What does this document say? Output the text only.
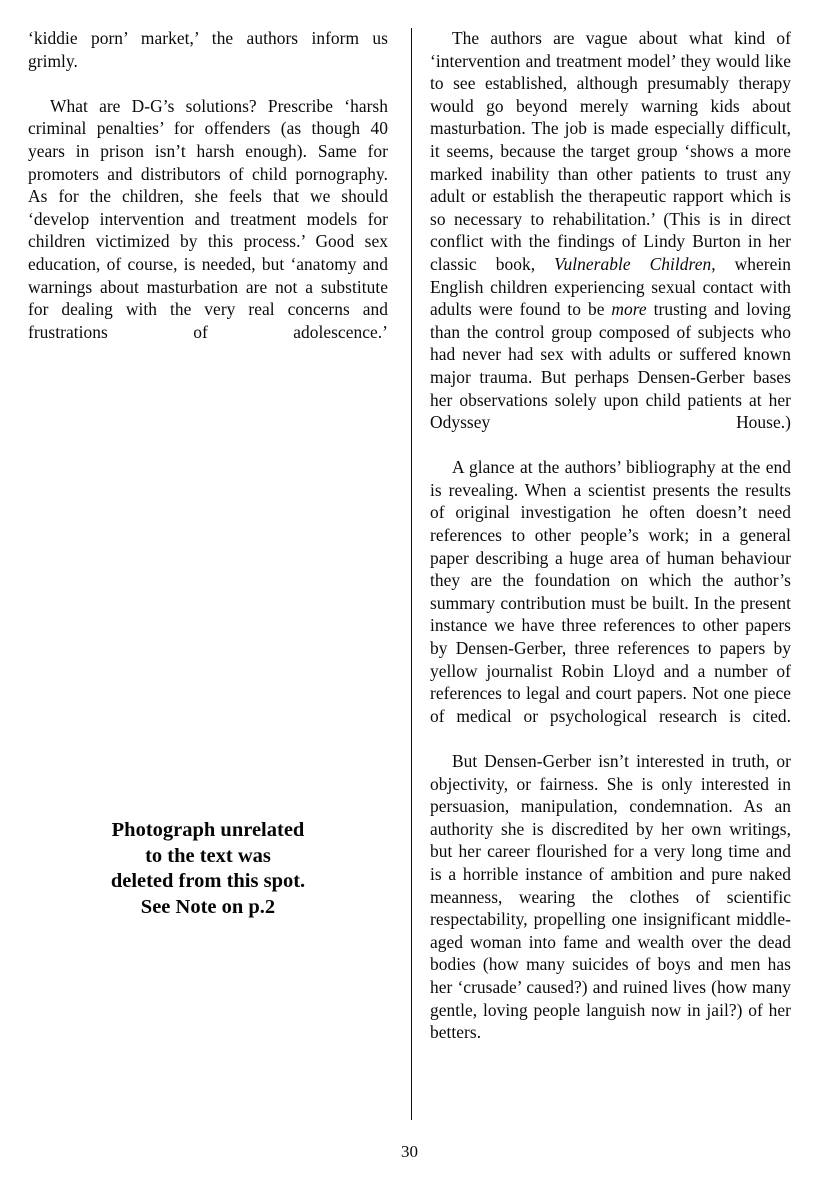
‘kiddie porn’ market,’ the authors inform us grimly.

What are D-G’s solutions? Prescribe ‘harsh criminal penalties’ for offenders (as though 40 years in prison isn’t harsh enough). Same for promoters and distributors of child pornography. As for the children, she feels that we should ‘develop intervention and treatment models for children victimized by this process.’ Good sex education, of course, is needed, but ‘anatomy and warnings about masturbation are not a substitute for dealing with the very real concerns and frustrations of adolescence.’

The authors are vague about what kind of ‘intervention and treatment model’ they would like to see established, although presumably therapy would go beyond merely warning kids about masturbation. The job is made especially difficult, it seems, because the target group ‘shows a more marked inability than other patients to trust any adult or establish the therapeutic rapport which is so necessary to rehabilitation.’ (This is in direct conflict with the findings of Lindy Burton in her classic book, Vulnerable Children, wherein English children experiencing sexual contact with adults were found to be more trusting and loving than the control group composed of subjects who had never had sex with adults or suffered known major trauma. But perhaps Densen-Gerber bases her observations solely upon child patients at her Odyssey House.)

A glance at the authors’ bibliography at the end is revealing. When a scientist presents the results of original investigation he often doesn’t need references to other people’s work; in a general paper describing a huge area of human behaviour they are the foundation on which the author’s summary contribution must be built. In the present instance we have three references to other papers by Densen-Gerber, three references to papers by yellow journalist Robin Lloyd and a number of references to legal and court papers. Not one piece of medical or psychological research is cited.

But Densen-Gerber isn’t interested in truth, or objectivity, or fairness. She is only interested in persuasion, manipulation, condemnation. As an authority she is discredited by her own writings, but her career flourished for a very long time and is a horrible instance of ambition and pure naked meanness, wearing the clothes of scientific respectability, propelling one insignificant middle-aged woman into fame and wealth over the dead bodies (how many suicides of boys and men has her ‘crusade’ caused?) and ruined lives (how many gentle, loving people languish now in jail?) of her betters.

Photograph unrelated
to the text was
deleted from this spot.
See Note on p.2
30
